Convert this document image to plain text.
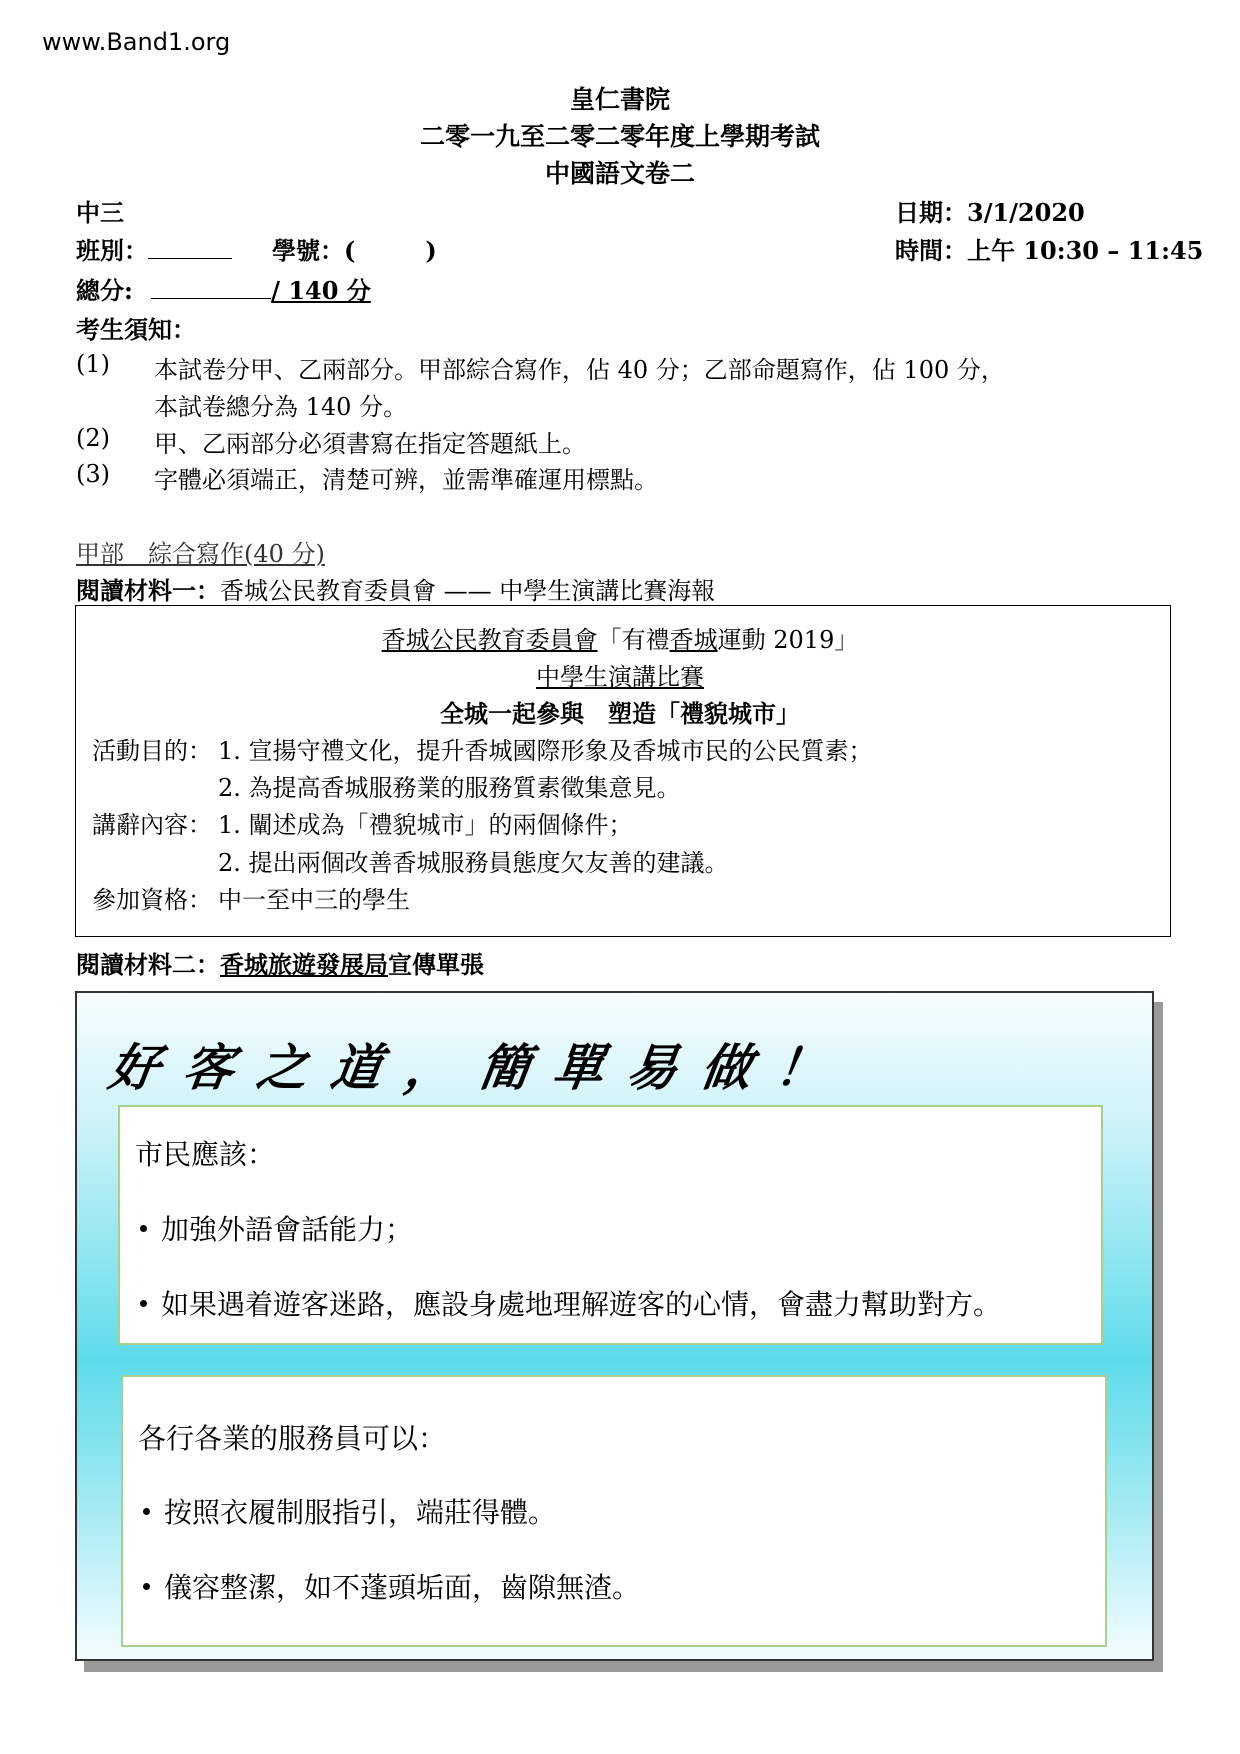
www.Band1.org
皇仁書院
二零一九至二零二零年度上學期考試
中國語文卷二
中三	日期：3/1/2020
班別：	學號：(	)	時間：上午 10:30 – 11:45
總分:	/ 140 分
考生須知：
(1) 本試卷分甲、乙兩部分。甲部綜合寫作，佔 40 分；乙部命題寫作，佔 100 分，
本試卷總分為 140 分。
(2) 甲、乙兩部分必須書寫在指定答題紙上。
(3) 字體必須端正，清楚可辨，並需準確運用標點。
甲部　綜合寫作(40 分)
閱讀材料一：香城公民教育委員會 —— 中學生演講比賽海報
香城公民教育委員會「有禮香城運動 2019」
中學生演講比賽
全城一起參與　塑造「禮貌城市」
活動目的： 1. 宣揚守禮文化，提升香城國際形象及香城市民的公民質素；
2. 為提高香城服務業的服務質素徵集意見。
講辭內容： 1. 闡述成為「禮貌城市」的兩個條件；
2. 提出兩個改善香城服務員態度欠友善的建議。
參加資格： 中一至中三的學生
閱讀材料二：香城旅遊發展局宣傳單張
好客之道，簡單易做！
市民應該：
加強外語會話能力；
如果遇着遊客迷路，應設身處地理解遊客的心情，會盡力幫助對方。
各行各業的服務員可以：
按照衣履制服指引，端莊得體。
儀容整潔，如不蓬頭垢面，齒隙無渣。
